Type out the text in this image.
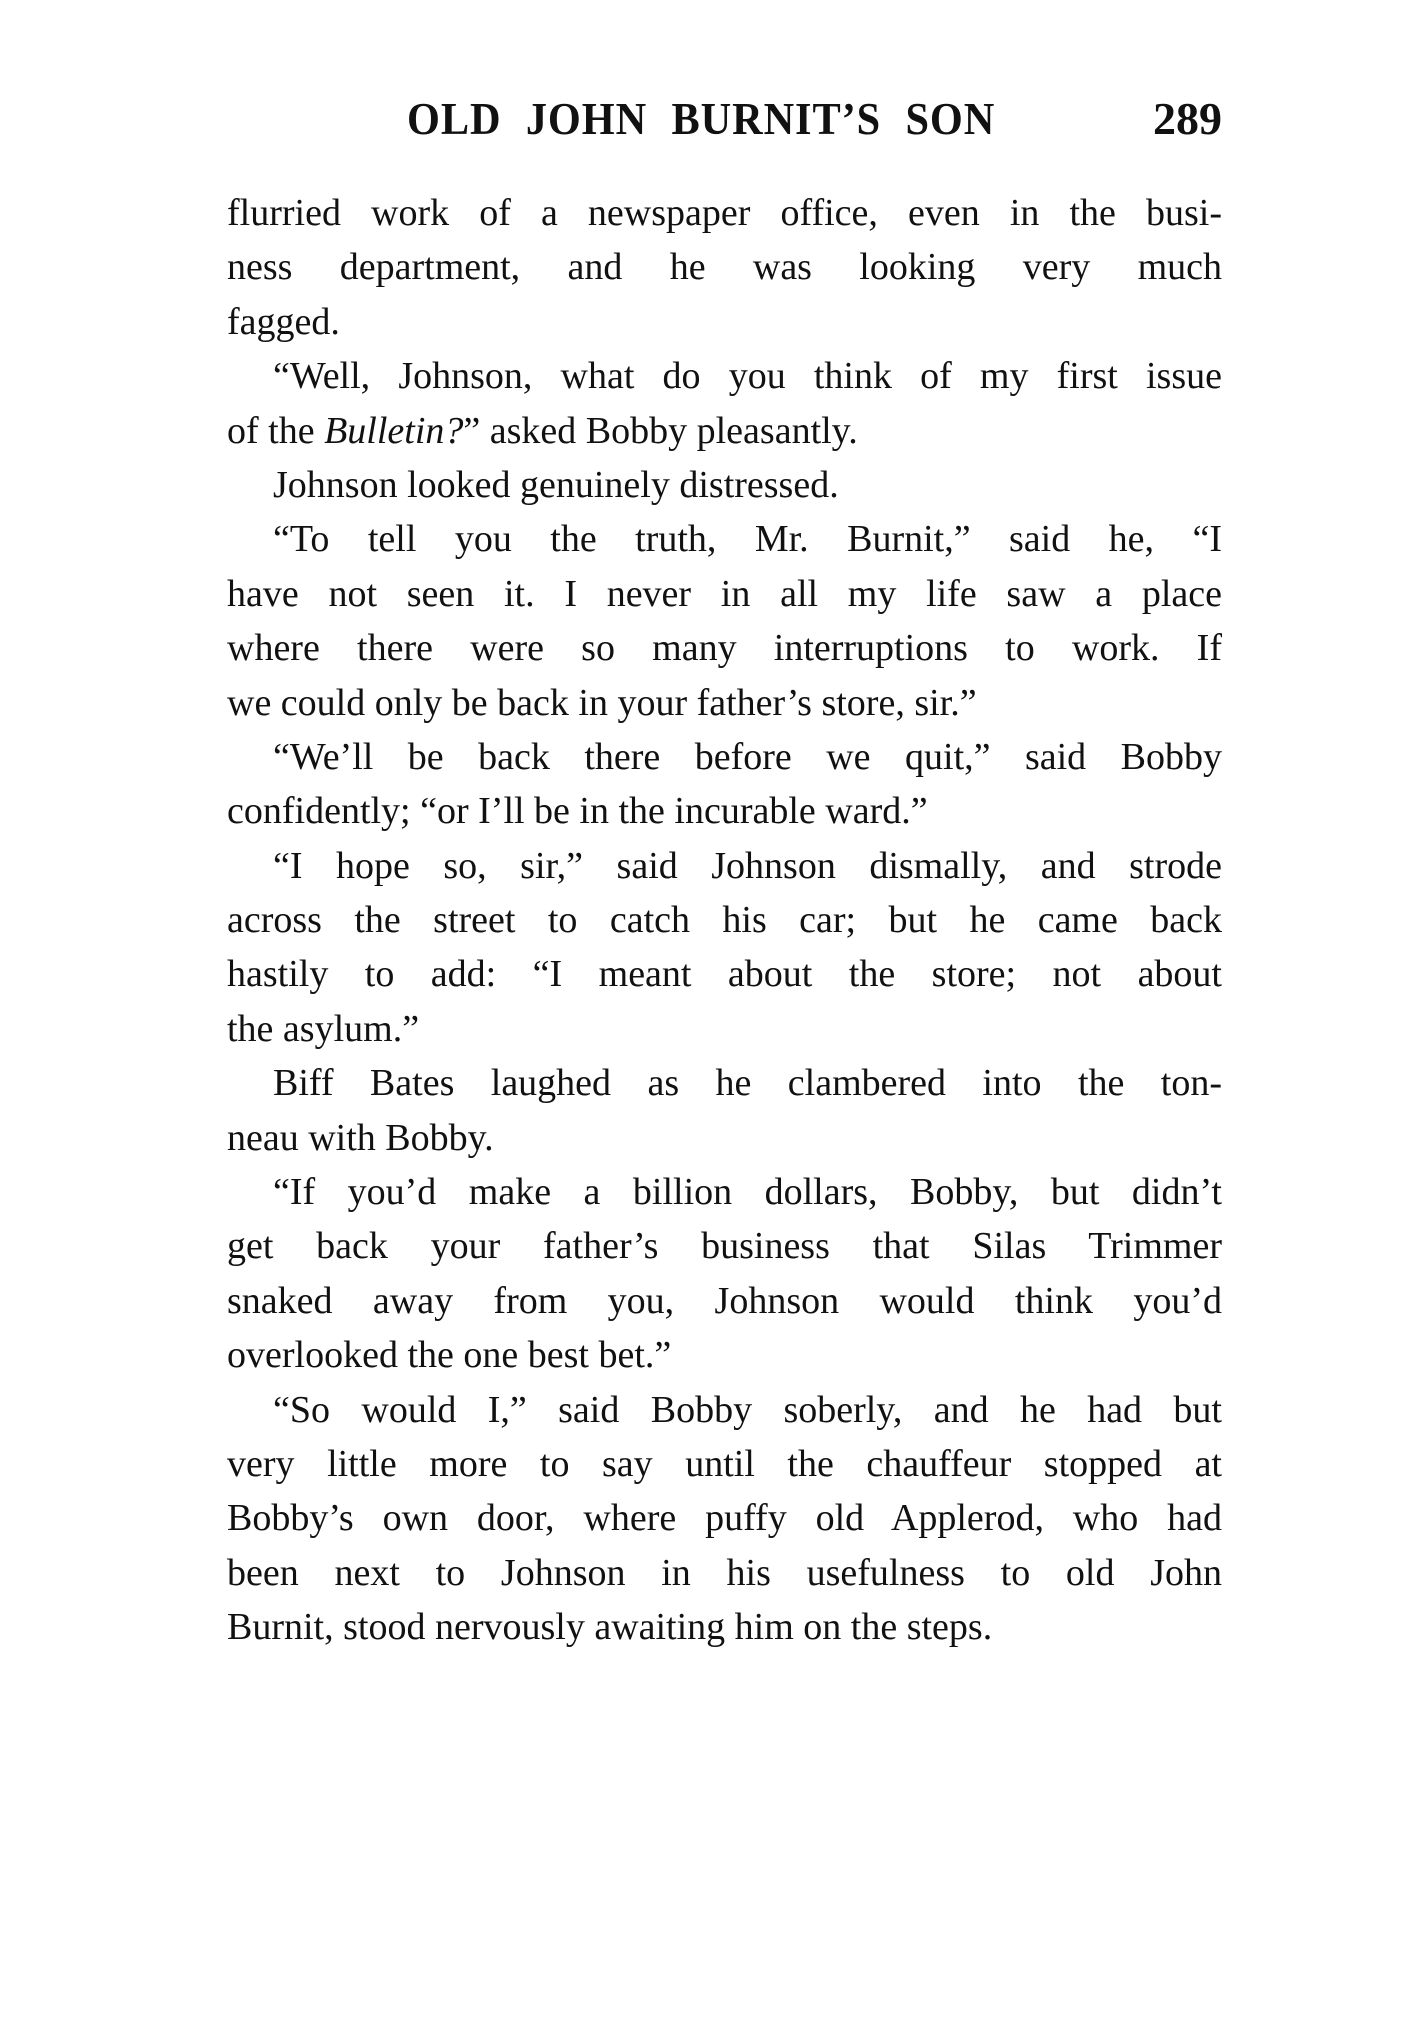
OLD JOHN BURNIT’S SON	289
flurried work of a newspaper office, even in the busi-
ness department, and he was looking very much
fagged.
“Well, Johnson, what do you think of my first issue
of the Bulletin?” asked Bobby pleasantly.
Johnson looked genuinely distressed.
“To tell you the truth, Mr. Burnit,” said he, “I
have not seen it. I never in all my life saw a place
where there were so many interruptions to work. If
we could only be back in your father’s store, sir.”
“We’ll be back there before we quit,” said Bobby
confidently; “or I’ll be in the incurable ward.”
“I hope so, sir,” said Johnson dismally, and strode
across the street to catch his car; but he came back
hastily to add: “I meant about the store; not about
the asylum.”
Biff Bates laughed as he clambered into the ton-
neau with Bobby.
“If you’d make a billion dollars, Bobby, but didn’t
get back your father’s business that Silas Trimmer
snaked away from you, Johnson would think you’d
overlooked the one best bet.”
“So would I,” said Bobby soberly, and he had but
very little more to say until the chauffeur stopped at
Bobby’s own door, where puffy old Applerod, who had
been next to Johnson in his usefulness to old John
Burnit, stood nervously awaiting him on the steps.
